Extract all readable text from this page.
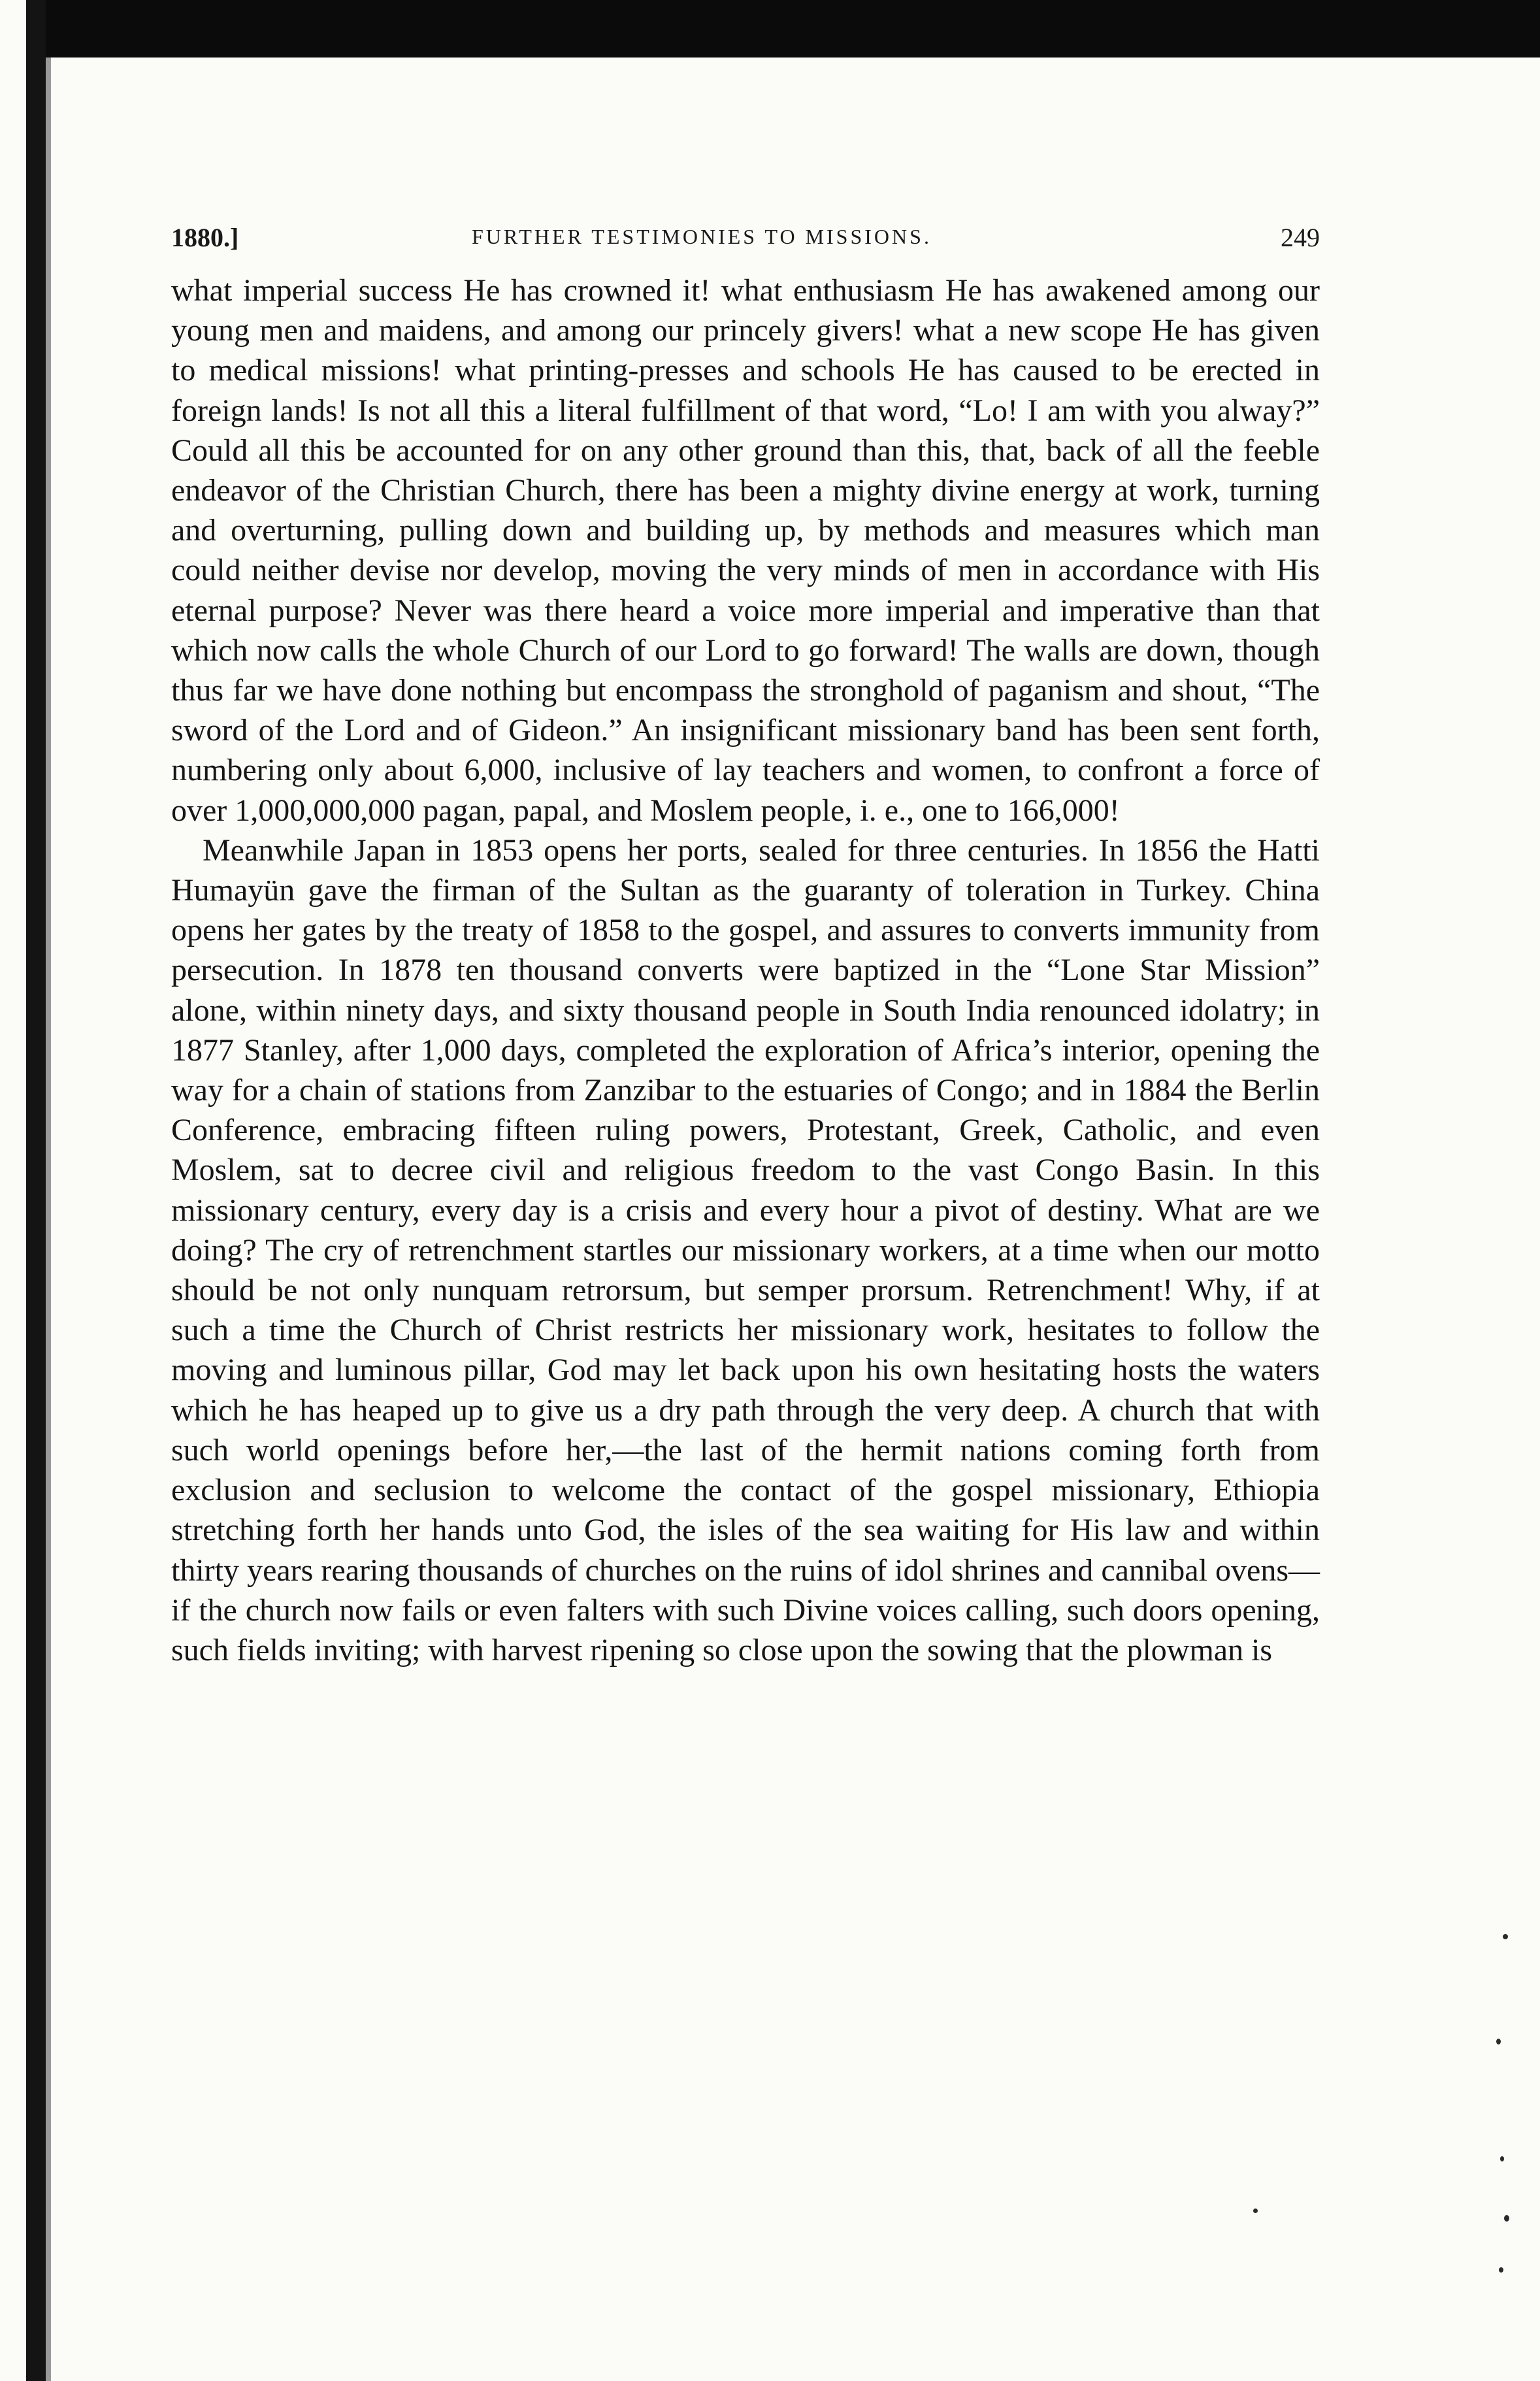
1880.]	FURTHER TESTIMONIES TO MISSIONS.	249

what imperial success He has crowned it! what enthusiasm He has awakened among our young men and maidens, and among our princely givers! what a new scope He has given to medical missions! what printing-presses and schools He has caused to be erected in foreign lands! Is not all this a literal fulfillment of that word, “Lo! I am with you alway?” Could all this be accounted for on any other ground than this, that, back of all the feeble endeavor of the Christian Church, there has been a mighty divine energy at work, turning and overturning, pulling down and building up, by methods and measures which man could neither devise nor develop, moving the very minds of men in accordance with His eternal purpose? Never was there heard a voice more imperial and imperative than that which now calls the whole Church of our Lord to go forward! The walls are down, though thus far we have done nothing but encompass the stronghold of paganism and shout, “The sword of the Lord and of Gideon.” An insignificant missionary band has been sent forth, numbering only about 6,000, inclusive of lay teachers and women, to confront a force of over 1,000,000,000 pagan, papal, and Moslem people, i. e., one to 166,000!

Meanwhile Japan in 1853 opens her ports, sealed for three centuries. In 1856 the Hatti Humayün gave the firman of the Sultan as the guaranty of toleration in Turkey. China opens her gates by the treaty of 1858 to the gospel, and assures to converts immunity from persecution. In 1878 ten thousand converts were baptized in the “Lone Star Mission” alone, within ninety days, and sixty thousand people in South India renounced idolatry; in 1877 Stanley, after 1,000 days, completed the exploration of Africa’s interior, opening the way for a chain of stations from Zanzibar to the estuaries of Congo; and in 1884 the Berlin Conference, embracing fifteen ruling powers, Protestant, Greek, Catholic, and even Moslem, sat to decree civil and religious freedom to the vast Congo Basin. In this missionary century, every day is a crisis and every hour a pivot of destiny. What are we doing? The cry of retrenchment startles our missionary workers, at a time when our motto should be not only nunquam retrorsum, but semper prorsum. Retrenchment! Why, if at such a time the Church of Christ restricts her missionary work, hesitates to follow the moving and luminous pillar, God may let back upon his own hesitating hosts the waters which he has heaped up to give us a dry path through the very deep. A church that with such world openings before her,—the last of the hermit nations coming forth from exclusion and seclusion to welcome the contact of the gospel missionary, Ethiopia stretching forth her hands unto God, the isles of the sea waiting for His law and within thirty years rearing thousands of churches on the ruins of idol shrines and cannibal ovens—if the church now fails or even falters with such Divine voices calling, such doors opening, such fields inviting; with harvest ripening so close upon the sowing that the plowman is
